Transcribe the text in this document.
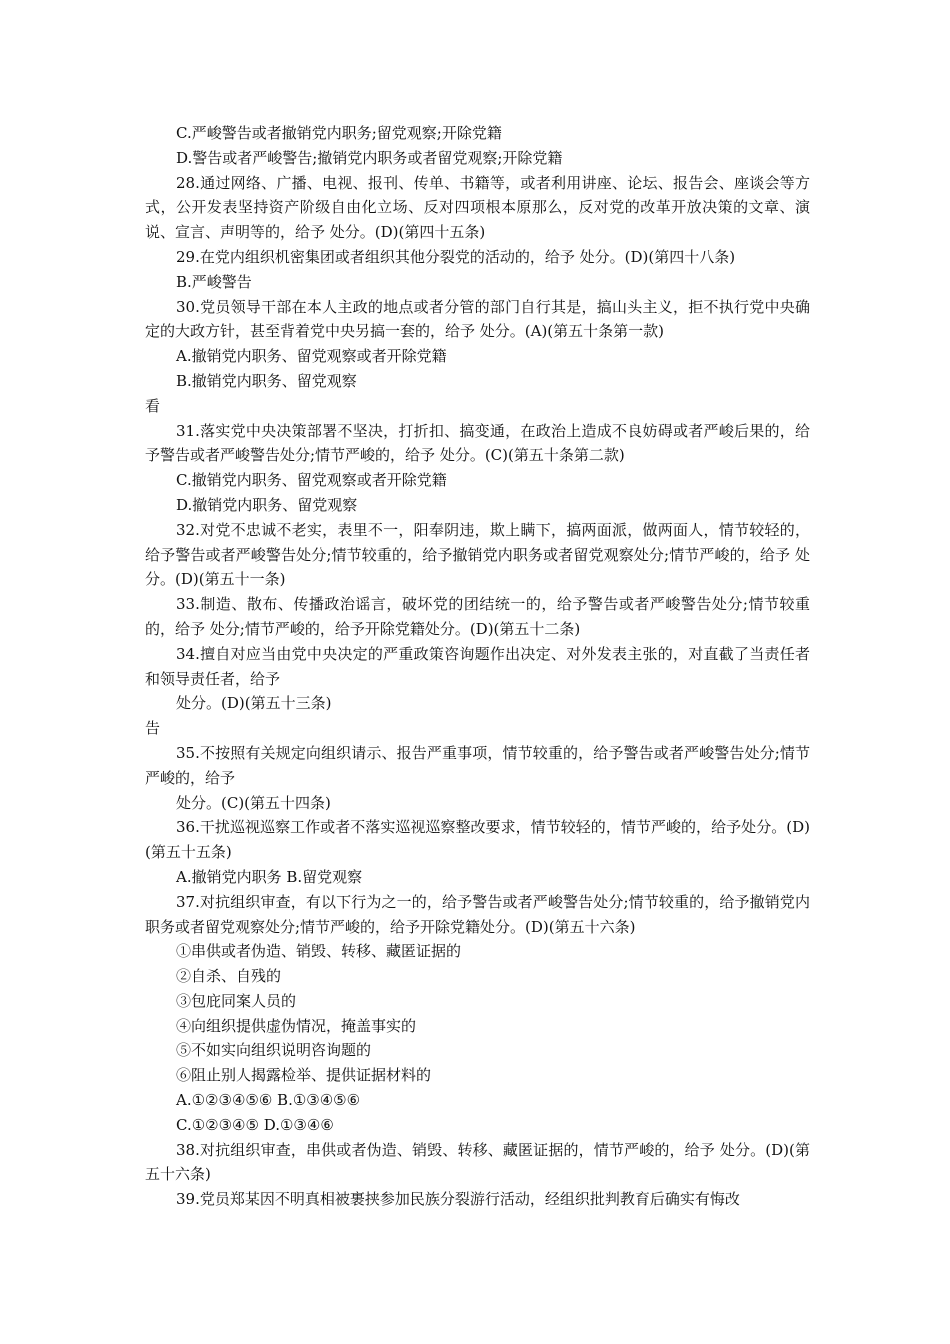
C.严峻警告或者撤销党内职务;留党观察;开除党籍

D.警告或者严峻警告;撤销党内职务或者留党观察;开除党籍

28.通过网络、广播、电视、报刊、传单、书籍等，或者利用讲座、论坛、报告会、座谈会等方式，公开发表坚持资产阶级自由化立场、反对四项根本原那么，反对党的改革开放决策的文章、演说、宣言、声明等的，给予 处分。(D)(第四十五条)

29.在党内组织机密集团或者组织其他分裂党的活动的，给予 处分。(D)(第四十八条)

B.严峻警告

30.党员领导干部在本人主政的地点或者分管的部门自行其是，搞山头主义，拒不执行党中央确定的大政方针，甚至背着党中央另搞一套的，给予 处分。(A)(第五十条第一款)

A.撤销党内职务、留党观察或者开除党籍

B.撤销党内职务、留党观察

看

31.落实党中央决策部署不坚决，打折扣、搞变通，在政治上造成不良妨碍或者严峻后果的，给予警告或者严峻警告处分;情节严峻的，给予 处分。(C)(第五十条第二款)

C.撤销党内职务、留党观察或者开除党籍

D.撤销党内职务、留党观察

32.对党不忠诚不老实，表里不一，阳奉阴违，欺上瞒下，搞两面派，做两面人，情节较轻的，给予警告或者严峻警告处分;情节较重的，给予撤销党内职务或者留党观察处分;情节严峻的，给予 处分。(D)(第五十一条)

33.制造、散布、传播政治谣言，破坏党的团结统一的，给予警告或者严峻警告处分;情节较重的，给予 处分;情节严峻的，给予开除党籍处分。(D)(第五十二条)

34.擅自对应当由党中央决定的严重政策咨询题作出决定、对外发表主张的，对直截了当责任者和领导责任者，给予

处分。(D)(第五十三条)

告

35.不按照有关规定向组织请示、报告严重事项，情节较重的，给予警告或者严峻警告处分;情节严峻的，给予

处分。(C)(第五十四条)

36.干扰巡视巡察工作或者不落实巡视巡察整改要求，情节较轻的，情节严峻的，给予处分。(D)(第五十五条)

A.撤销党内职务 B.留党观察

37.对抗组织审查，有以下行为之一的，给予警告或者严峻警告处分;情节较重的，给予撤销党内职务或者留党观察处分;情节严峻的，给予开除党籍处分。(D)(第五十六条)

①串供或者伪造、销毁、转移、藏匿证据的

②自杀、自残的

③包庇同案人员的

④向组织提供虚伪情况，掩盖事实的

⑤不如实向组织说明咨询题的

⑥阻止别人揭露检举、提供证据材料的

A.①②③④⑤⑥ B.①③④⑤⑥

C.①②③④⑤ D.①③④⑥

38.对抗组织审查，串供或者伪造、销毁、转移、藏匿证据的，情节严峻的，给予 处分。(D)(第五十六条)

39.党员郑某因不明真相被裹挟参加民族分裂游行活动，经组织批判教育后确实有悔改
